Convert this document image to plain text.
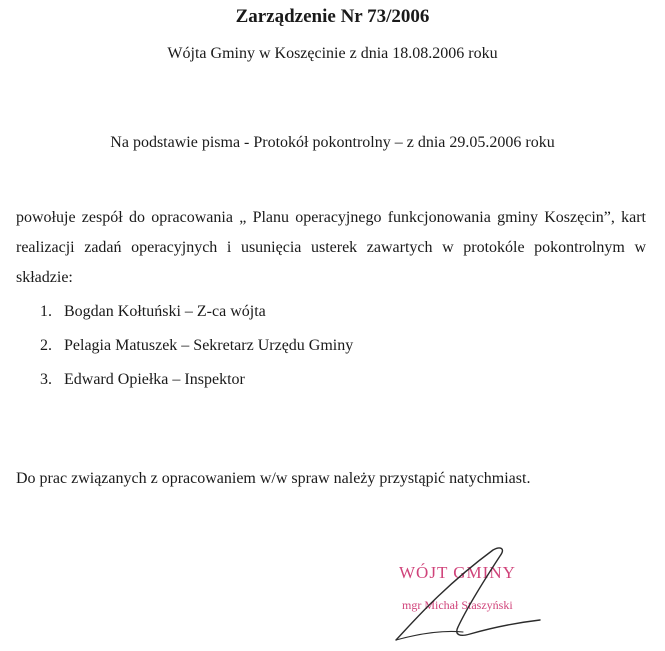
Zarządzenie Nr 73/2006
Wójta Gminy w Koszęcinie z dnia 18.08.2006 roku
Na podstawie pisma - Protokół pokontrolny – z dnia 29.05.2006 roku
powołuje zespół do opracowania „ Planu operacyjnego funkcjonowania gminy Koszęcin”, kart realizacji zadań operacyjnych i usunięcia usterek zawartych w protokóle pokontrolnym w składzie:
1. Bogdan Kołtuński – Z-ca wójta
2. Pelagia Matuszek – Sekretarz Urzędu Gminy
3. Edward Opiełka – Inspektor
Do prac związanych z opracowaniem w/w spraw należy przystąpić natychmiast.
WÓJT GMINY
mgr Michał Staszyński
